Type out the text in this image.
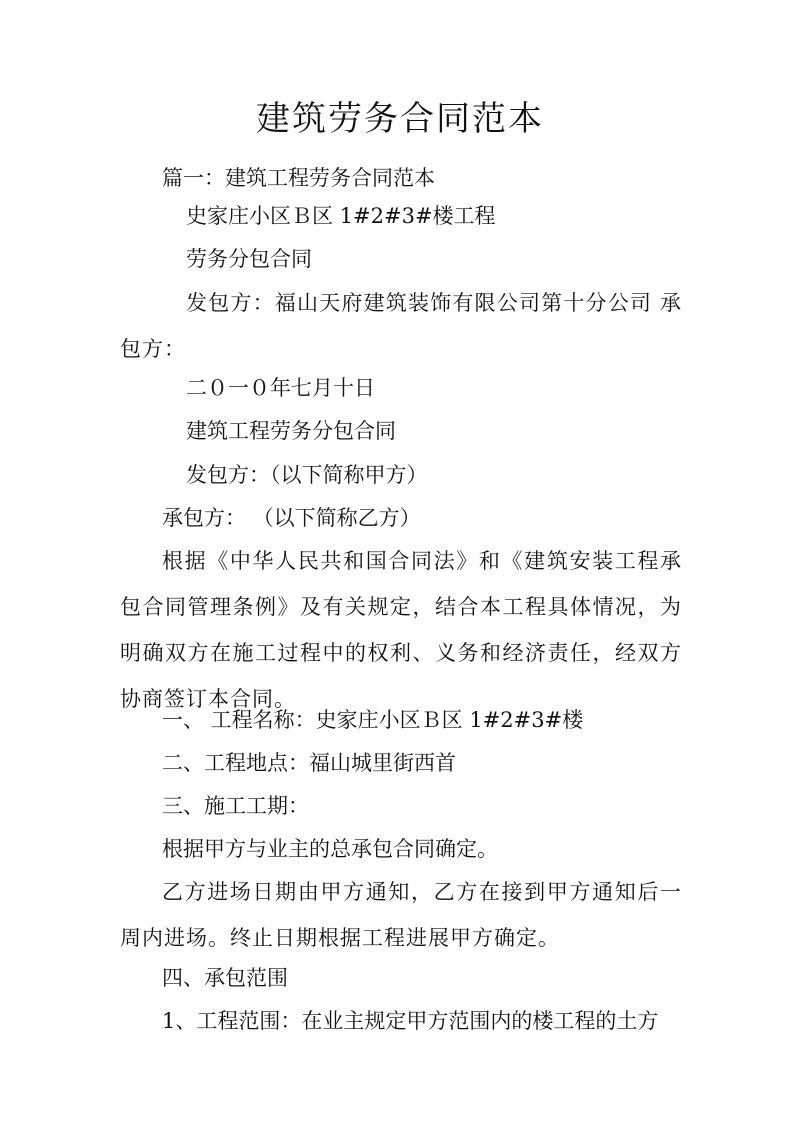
建筑劳务合同范本
篇一：建筑工程劳务合同范本
史家庄小区Ｂ区 1#2#3#楼工程
劳务分包合同
发包方：福山天府建筑装饰有限公司第十分公司 承包方：
二０一０年七月十日
建筑工程劳务分包合同
发包方：（以下简称甲方）
承包方： （以下简称乙方）
根据《中华人民共和国合同法》和《建筑安装工程承包合同管理条例》及有关规定，结合本工程具体情况，为明确双方在施工过程中的权利、义务和经济责任，经双方协商签订本合同。
一、 工程名称：史家庄小区Ｂ区 1#2#3#楼
二、工程地点：福山城里街西首
三、施工工期：
根据甲方与业主的总承包合同确定。
乙方进场日期由甲方通知，乙方在接到甲方通知后一周内进场。终止日期根据工程进展甲方确定。
四、承包范围
1、工程范围：在业主规定甲方范围内的楼工程的土方
